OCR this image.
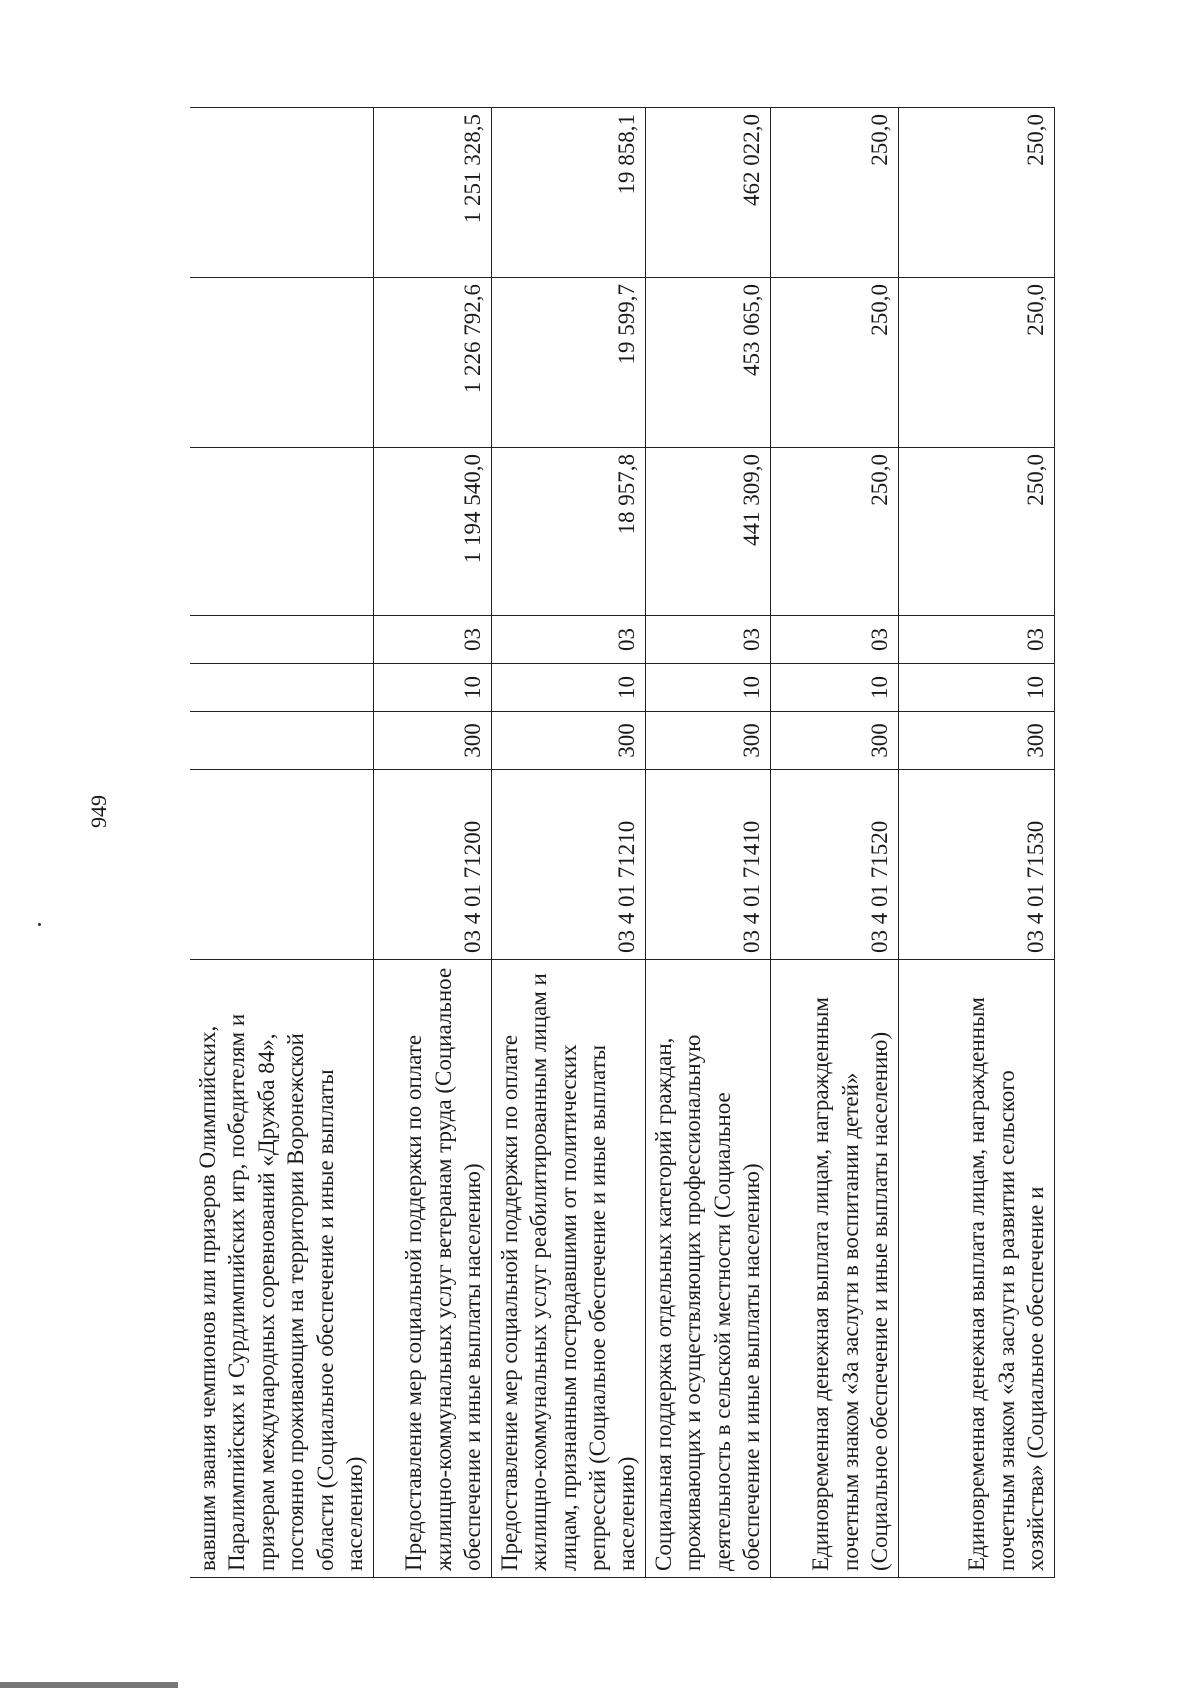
949
вавшим звания чемпионов или призеров Олимпийских, Паралимпийских и Сурдлимпийских игр, победителям и призерам международных соревнований «Дружба 84», постоянно проживающим на территории Воронежской области (Социальное обеспечение и иные выплаты населению)							
Предоставление мер социальной поддержки по оплате жилищно-коммунальных услуг ветеранам труда (Социальное обеспечение и иные выплаты населению)	03 4 01 71200	300	10	03	1 194 540,0	1 226 792,6	1 251 328,5
Предоставление мер социальной поддержки по оплате жилищно-коммунальных услуг реабилитированным лицам и лицам, признанным пострадавшими от политических репрессий (Социальное обеспечение и иные выплаты населению)	03 4 01 71210	300	10	03	18 957,8	19 599,7	19 858,1
Социальная поддержка отдельных категорий граждан, проживающих и осуществляющих профессиональную деятельность в сельской местности (Социальное обеспечение и иные выплаты населению)	03 4 01 71410	300	10	03	441 309,0	453 065,0	462 022,0
Единовременная денежная выплата лицам, награжденным почетным знаком «За заслуги в воспитании детей» (Социальное обеспечение и иные выплаты населению)	03 4 01 71520	300	10	03	250,0	250,0	250,0
Единовременная денежная выплата лицам, награжденным почетным знаком «За заслуги в развитии сельского хозяйства» (Социальное обеспечение и	03 4 01 71530	300	10	03	250,0	250,0	250,0
